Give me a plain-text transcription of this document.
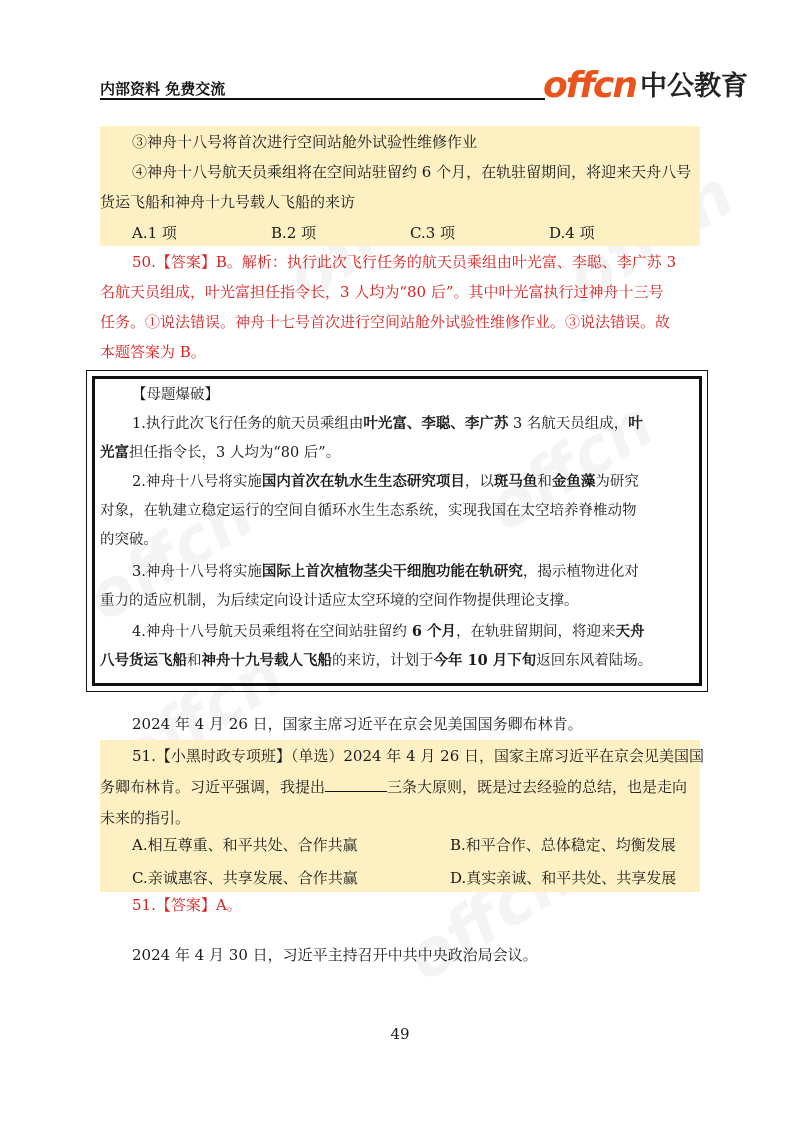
内部资料 免费交流	offcn 中公教育
③神舟十八号将首次进行空间站舱外试验性维修作业
④神舟十八号航天员乘组将在空间站驻留约 6 个月，在轨驻留期间，将迎来天舟八号
货运飞船和神舟十九号载人飞船的来访
A.1 项	B.2 项	C.3 项	D.4 项
50.【答案】B。解析：执行此次飞行任务的航天员乘组由叶光富、李聪、李广苏 3
名航天员组成，叶光富担任指令长，3 人均为“80 后”。其中叶光富执行过神舟十三号
任务。①说法错误。神舟十七号首次进行空间站舱外试验性维修作业。③说法错误。故
本题答案为 B。
【母题爆破】
1.执行此次飞行任务的航天员乘组由叶光富、李聪、李广苏 3 名航天员组成，叶
光富担任指令长，3 人均为“80 后”。
2.神舟十八号将实施国内首次在轨水生生态研究项目，以斑马鱼和金鱼藻为研究
对象，在轨建立稳定运行的空间自循环水生生态系统，实现我国在太空培养脊椎动物
的突破。
3.神舟十八号将实施国际上首次植物茎尖干细胞功能在轨研究，揭示植物进化对
重力的适应机制，为后续定向设计适应太空环境的空间作物提供理论支撑。
4.神舟十八号航天员乘组将在空间站驻留约 6 个月，在轨驻留期间，将迎来天舟
八号货运飞船和神舟十九号载人飞船的来访，计划于今年 10 月下旬返回东风着陆场。
2024 年 4 月 26 日，国家主席习近平在京会见美国国务卿布林肯。
51.【小黑时政专项班】（单选）2024 年 4 月 26 日，国家主席习近平在京会见美国国
务卿布林肯。习近平强调，我提出	三条大原则，既是过去经验的总结，也是走向
未来的指引。
A.相互尊重、和平共处、合作共赢	B.和平合作、总体稳定、均衡发展
C.亲诚惠容、共享发展、合作共赢	D.真实亲诚、和平共处、共享发展
51.【答案】A。
2024 年 4 月 30 日，习近平主持召开中共中央政治局会议。
49
